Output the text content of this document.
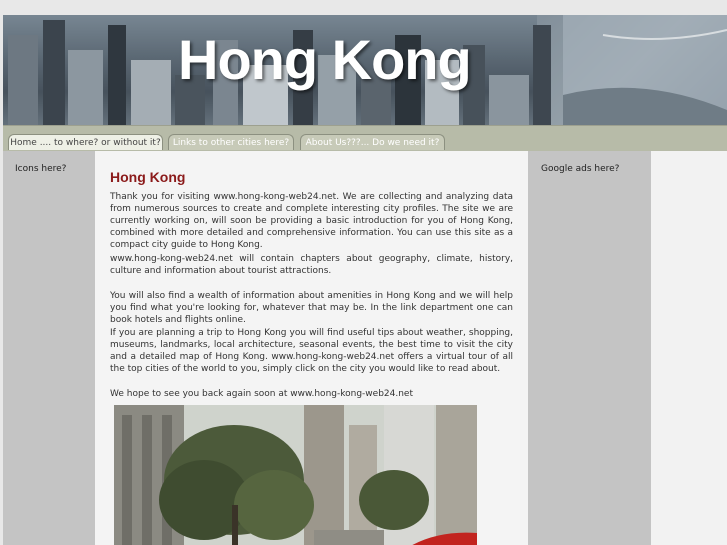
Hong Kong
Home .... to where? or without it?	Links to other cities here?	About Us???... Do we need it?
Icons here?	Hong Kong

Thank you for visiting www.hong-kong-web24.net. We are collecting and analyzing data from numerous sources to create and complete interesting city profiles. The site we are currently working on, will soon be providing a basic introduction for you of Hong Kong, combined with more detailed and comprehensive information. You can use this site as a compact city guide to Hong Kong.

www.hong-kong-web24.net will contain chapters about geography, climate, history, culture and information about tourist attractions.

You will also find a wealth of information about amenities in Hong Kong and we will help you find what you're looking for, whatever that may be. In the link department one can book hotels and flights online.

If you are planning a trip to Hong Kong you will find useful tips about weather, shopping, museums, landmarks, local architecture, seasonal events, the best time to visit the city and a detailed map of Hong Kong. www.hong-kong-web24.net offers a virtual tour of all the top cities of the world to you, simply click on the city you would like to read about.

We hope to see you back again soon at www.hong-kong-web24.net

Google ads here?
